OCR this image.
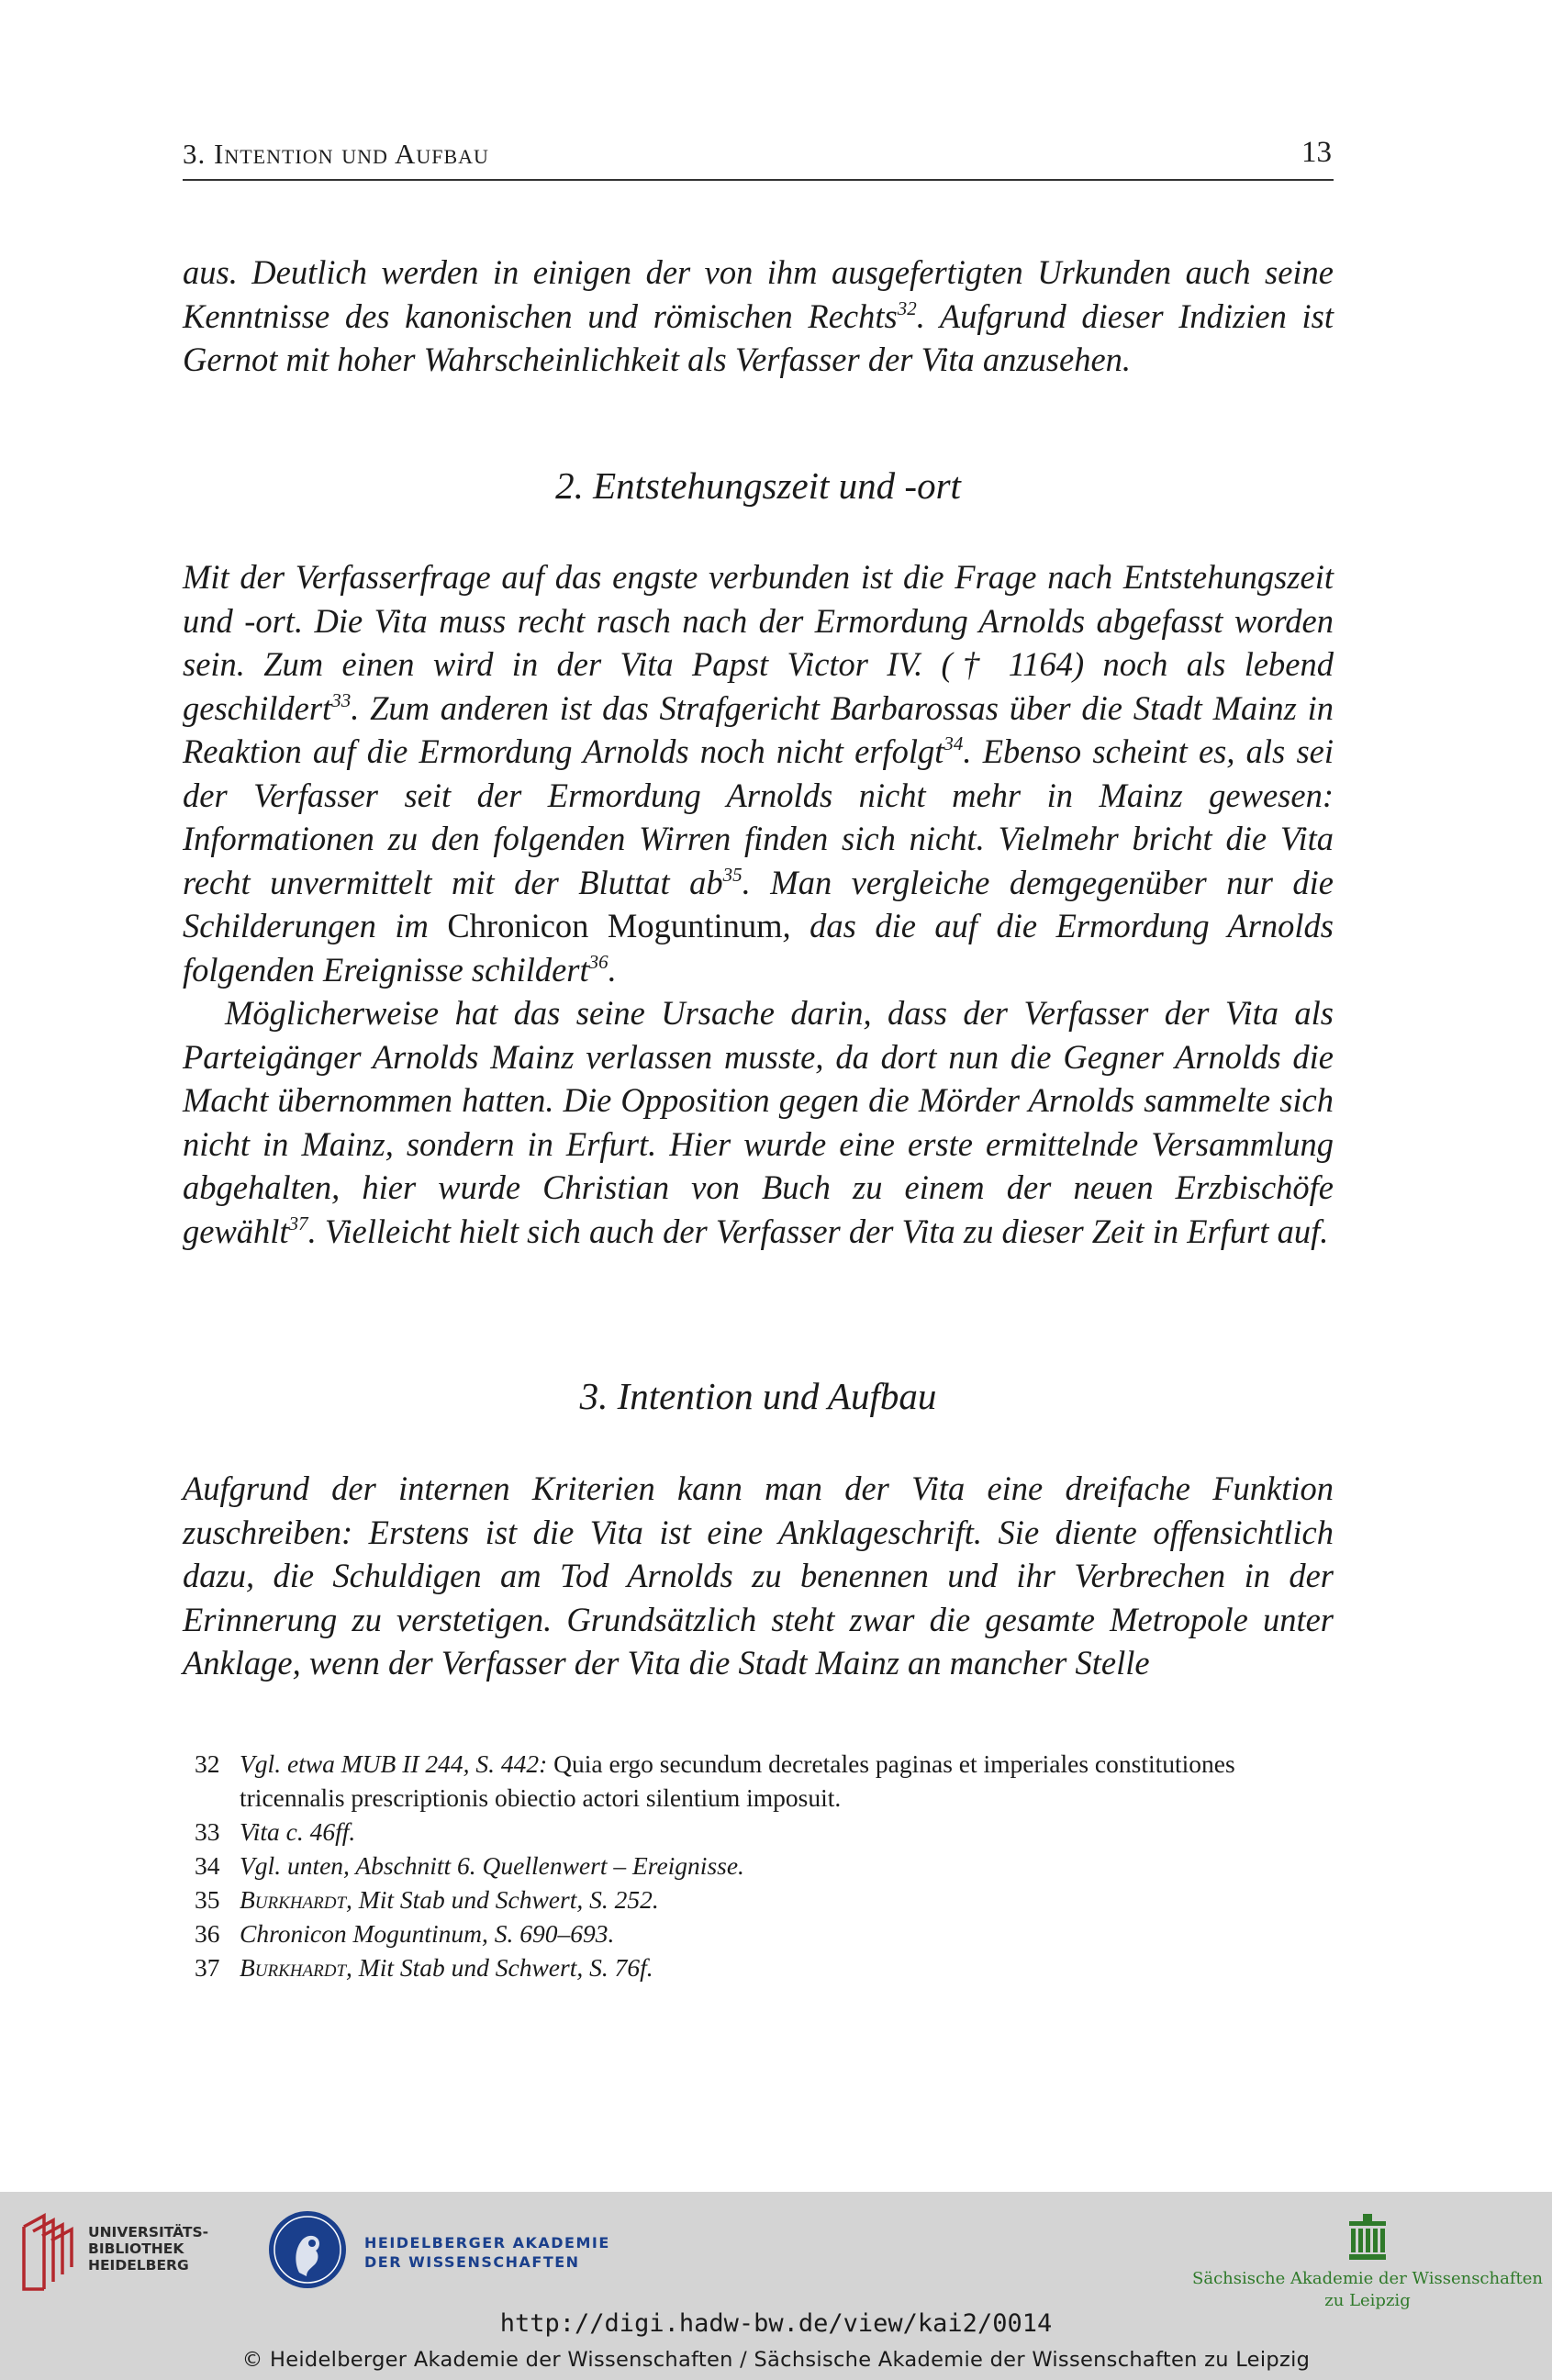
3. Intention und Aufbau	13

aus. Deutlich werden in einigen der von ihm ausgefertigten Urkunden auch seine Kenntnisse des kanonischen und römischen Rechts$^{32}$. Aufgrund dieser Indizien ist Gernot mit hoher Wahrscheinlichkeit als Verfasser der Vita anzusehen.

2. Entstehungszeit und -ort

Mit der Verfasserfrage auf das engste verbunden ist die Frage nach Entstehungszeit und -ort. Die Vita muss recht rasch nach der Ermordung Arnolds abgefasst worden sein. Zum einen wird in der Vita Papst Victor IV. († 1164) noch als lebend geschildert$^{33}$. Zum anderen ist das Strafgericht Barbarossas über die Stadt Mainz in Reaktion auf die Ermordung Arnolds noch nicht erfolgt$^{34}$. Ebenso scheint es, als sei der Verfasser seit der Ermordung Arnolds nicht mehr in Mainz gewesen: Informationen zu den folgenden Wirren finden sich nicht. Vielmehr bricht die Vita recht unvermittelt mit der Bluttat $ab^{35}$. Man vergleiche demgegenüber nur die Schilderungen im Chronicon Moguntinum, das die auf die Ermordung Arnolds folgenden Ereignisse schildert$^{36}$.

Möglicherweise hat das seine Ursache darin, dass der Verfasser der Vita als Parteigänger Arnolds Mainz verlassen musste, da dort nun die Gegner Arnolds die Macht übernommen hatten. Die Opposition gegen die Mörder Arnolds sammelte sich nicht in Mainz, sondern in Erfurt. Hier wurde eine erste ermittelnde Versammlung abgehalten, hier wurde Christian von Buch zu einem der neuen Erzbischöfe gewählt$^{37}$. Vielleicht hielt sich auch der Verfasser der Vita zu dieser Zeit in Erfurt auf.

3. Intention und Aufbau

Aufgrund der internen Kriterien kann man der Vita eine dreifache Funktion zuschreiben: Erstens ist die Vita ist eine Anklageschrift. Sie diente offensichtlich dazu, die Schuldigen am Tod Arnolds zu benennen und ihr Verbrechen in der Erinnerung zu verstetigen. Grundsätzlich steht zwar die gesamte Metropole unter Anklage, wenn der Verfasser der Vita die Stadt Mainz an mancher Stelle

32 Vgl. etwa MUB II 244, S. 442: Quia ergo secundum decretales paginas et imperiales constitutiones tricennalis prescriptionis obiectio actori silentium imposuit.
33 Vita c. 46ff.
34 Vgl. unten, Abschnitt 6. Quellenwert – Ereignisse.
35 Burkhardt, Mit Stab und Schwert, S. 252.
36 Chronicon Moguntinum, S. 690–693.
37 Burkhardt, Mit Stab und Schwert, S. 76f.
UNIVERSITÄTS-
BIBLIOTHEK
HEIDELBERG
HEIDELBERGER AKADEMIE
DER WISSENSCHAFTEN
Sächsische Akademie der Wissenschaften
zu Leipzig
http://digi.hadw-bw.de/view/kai2/0014
© Heidelberger Akademie der Wissenschaften / Sächsische Akademie der Wissenschaften zu Leipzig
